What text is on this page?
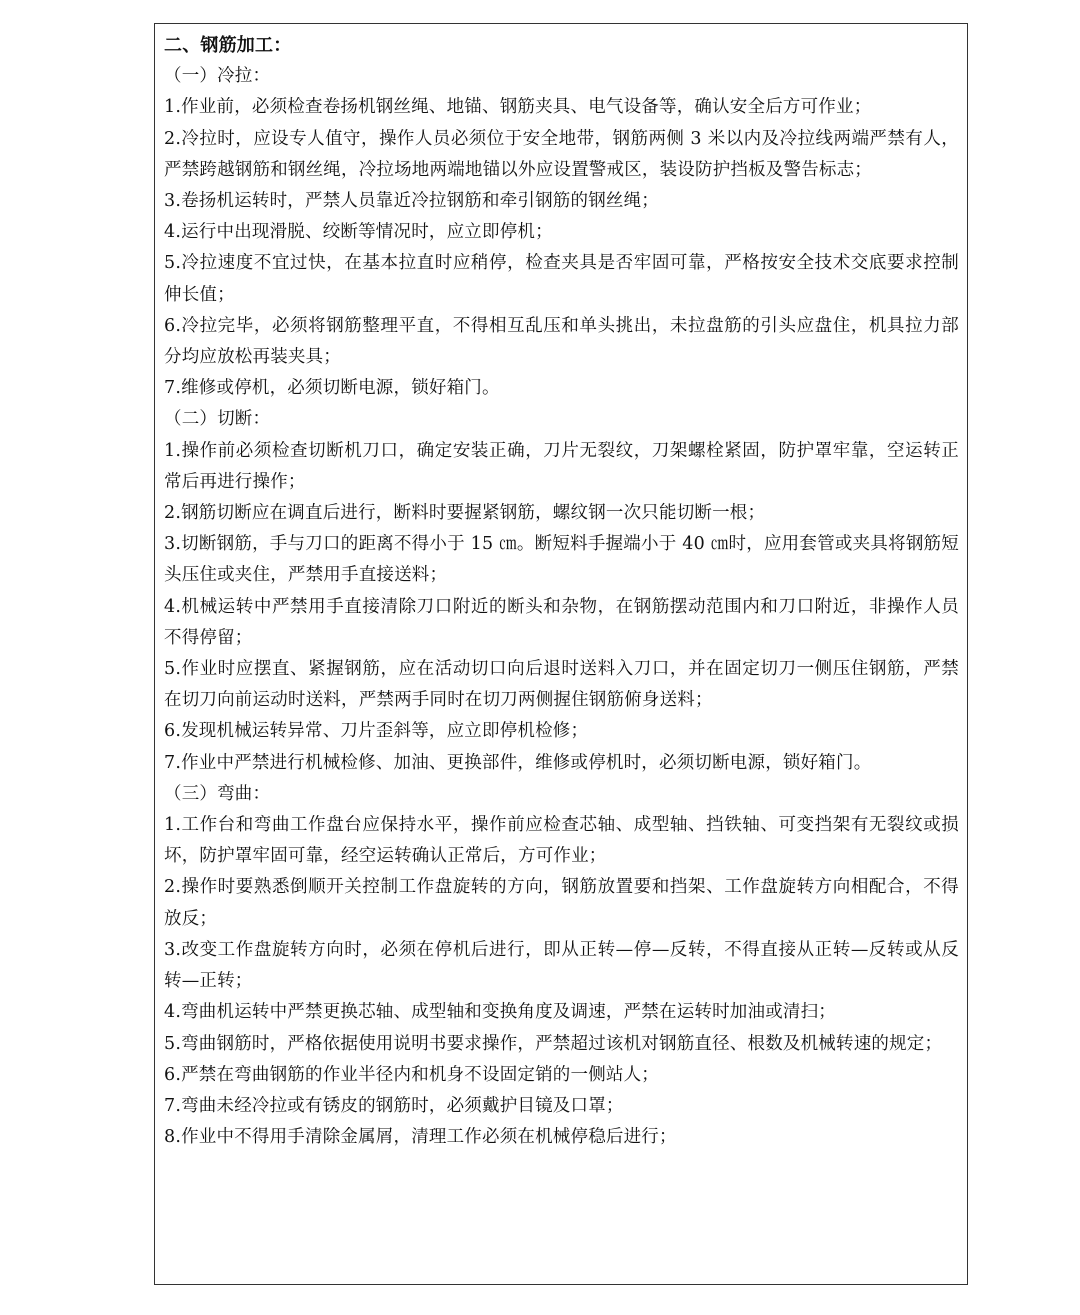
二、钢筋加工：
（一）冷拉：
1.作业前，必须检查卷扬机钢丝绳、地锚、钢筋夹具、电气设备等，确认安全后方可作业；
2.冷拉时，应设专人值守，操作人员必须位于安全地带，钢筋两侧 3 米以内及冷拉线两端严禁有人，严禁跨越钢筋和钢丝绳，冷拉场地两端地锚以外应设置警戒区，装设防护挡板及警告标志；
3.卷扬机运转时，严禁人员靠近冷拉钢筋和牵引钢筋的钢丝绳；
4.运行中出现滑脱、绞断等情况时，应立即停机；
5.冷拉速度不宜过快，在基本拉直时应稍停，检查夹具是否牢固可靠，严格按安全技术交底要求控制伸长值；
6.冷拉完毕，必须将钢筋整理平直，不得相互乱压和单头挑出，未拉盘筋的引头应盘住，机具拉力部分均应放松再装夹具；
7.维修或停机，必须切断电源，锁好箱门。
（二）切断：
1.操作前必须检查切断机刀口，确定安装正确，刀片无裂纹，刀架螺栓紧固，防护罩牢靠，空运转正常后再进行操作；
2.钢筋切断应在调直后进行，断料时要握紧钢筋，螺纹钢一次只能切断一根；
3.切断钢筋，手与刀口的距离不得小于 15 ㎝。断短料手握端小于 40 ㎝时，应用套管或夹具将钢筋短头压住或夹住，严禁用手直接送料；
4.机械运转中严禁用手直接清除刀口附近的断头和杂物，在钢筋摆动范围内和刀口附近，非操作人员不得停留；
5.作业时应摆直、紧握钢筋，应在活动切口向后退时送料入刀口，并在固定切刀一侧压住钢筋，严禁在切刀向前运动时送料，严禁两手同时在切刀两侧握住钢筋俯身送料；
6.发现机械运转异常、刀片歪斜等，应立即停机检修；
7.作业中严禁进行机械检修、加油、更换部件，维修或停机时，必须切断电源，锁好箱门。
（三）弯曲：
1.工作台和弯曲工作盘台应保持水平，操作前应检查芯轴、成型轴、挡铁轴、可变挡架有无裂纹或损坏，防护罩牢固可靠，经空运转确认正常后，方可作业；
2.操作时要熟悉倒顺开关控制工作盘旋转的方向，钢筋放置要和挡架、工作盘旋转方向相配合，不得放反；
3.改变工作盘旋转方向时，必须在停机后进行，即从正转—停—反转，不得直接从正转—反转或从反转—正转；
4.弯曲机运转中严禁更换芯轴、成型轴和变换角度及调速，严禁在运转时加油或清扫；
5.弯曲钢筋时，严格依据使用说明书要求操作，严禁超过该机对钢筋直径、根数及机械转速的规定；
6.严禁在弯曲钢筋的作业半径内和机身不设固定销的一侧站人；
7.弯曲未经冷拉或有锈皮的钢筋时，必须戴护目镜及口罩；
8.作业中不得用手清除金属屑，清理工作必须在机械停稳后进行；
